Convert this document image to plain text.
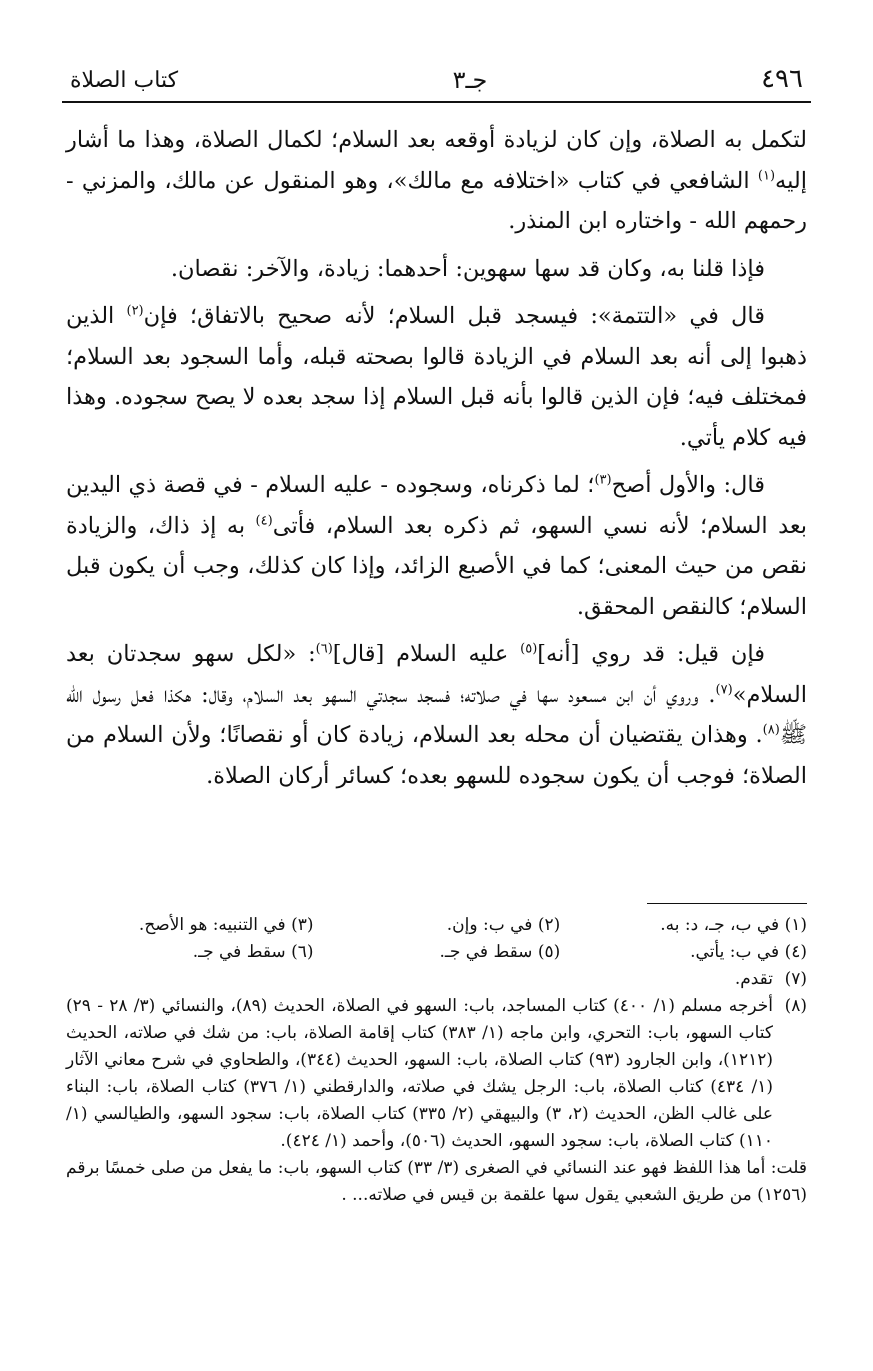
٤٩٦
جـ٣
كتاب الصلاة

لتكمل به الصلاة، وإن كان لزيادة أوقعه بعد السلام؛ لكمال الصلاة، وهذا ما أشار إليه$^{(١)}$ الشافعي في كتاب «اختلافه مع مالك»، وهو المنقول عن مالك، والمزني - رحمهم الله - واختاره ابن المنذر.

فإذا قلنا به، وكان قد سها سهوين: أحدهما: زيادة، والآخر: نقصان.

قال في «التتمة»: فيسجد قبل السلام؛ لأنه صحيح بالاتفاق؛ فإن$^{(٢)}$ الذين ذهبوا إلى أنه بعد السلام في الزيادة قالوا بصحته قبله، وأما السجود بعد السلام؛ فمختلف فيه؛ فإن الذين قالوا بأنه قبل السلام إذا سجد بعده لا يصح سجوده. وهذا فيه كلام يأتي.

قال: والأول أصح$^{(٣)}$؛ لما ذكرناه، وسجوده - عليه السلام - في قصة ذي اليدين بعد السلام؛ لأنه نسي السهو، ثم ذكره بعد السلام، فأتى$^{(٤)}$ به إذ ذاك، والزيادة نقص من حيث المعنى؛ كما في الأصبع الزائد، وإذا كان كذلك، وجب أن يكون قبل السلام؛ كالنقص المحقق.

فإن قيل: قد روي [أنه]$^{(٥)}$ عليه السلام [قال]$^{(٦)}$: «لكل سهو سجدتان بعد السلام»$^{(٧)}$. وروي أن ابن مسعود سها في صلاته؛ فسجد سجدتي السهو بعد السلام، وقال: هكذا فعل رسول الله ﷺ$^{(٨)}$. وهذان يقتضيان أن محله بعد السلام، زيادة كان أو نقصانًا؛ ولأن السلام من الصلاة؛ فوجب أن يكون سجوده للسهو بعده؛ كسائر أركان الصلاة.

(١) في ب، جـ، د: به.
(٢) في ب: وإن.
(٣) في التنبيه: هو الأصح.
(٤) في ب: يأتي.
(٥) سقط في جـ.
(٦) سقط في جـ.
(٧)
تقدم.
(٨)
أخرجه مسلم (١/ ٤٠٠) كتاب المساجد، باب: السهو في الصلاة، الحديث (٨٩)، والنسائي (٣/ ٢٨ - ٢٩) كتاب السهو، باب: التحري، وابن ماجه (١/ ٣٨٣) كتاب إقامة الصلاة، باب: من شك في صلاته، الحديث (١٢١٢)، وابن الجارود (٩٣) كتاب الصلاة، باب: السهو، الحديث (٣٤٤)، والطحاوي في شرح معاني الآثار (١/ ٤٣٤) كتاب الصلاة، باب: الرجل يشك في صلاته، والدارقطني (١/ ٣٧٦) كتاب الصلاة، باب: البناء على غالب الظن، الحديث (٢، ٣) والبيهقي (٢/ ٣٣٥) كتاب الصلاة، باب: سجود السهو، والطيالسي (١/ ١١٠) كتاب الصلاة، باب: سجود السهو، الحديث (٥٠٦)، وأحمد (١/ ٤٢٤).
قلت: أما هذا اللفظ فهو عند النسائي في الصغرى (٣/ ٣٣) كتاب السهو، باب: ما يفعل من صلى خمسًا برقم (١٢٥٦) من طريق الشعبي يقول سها علقمة بن قيس في صلاته... .
